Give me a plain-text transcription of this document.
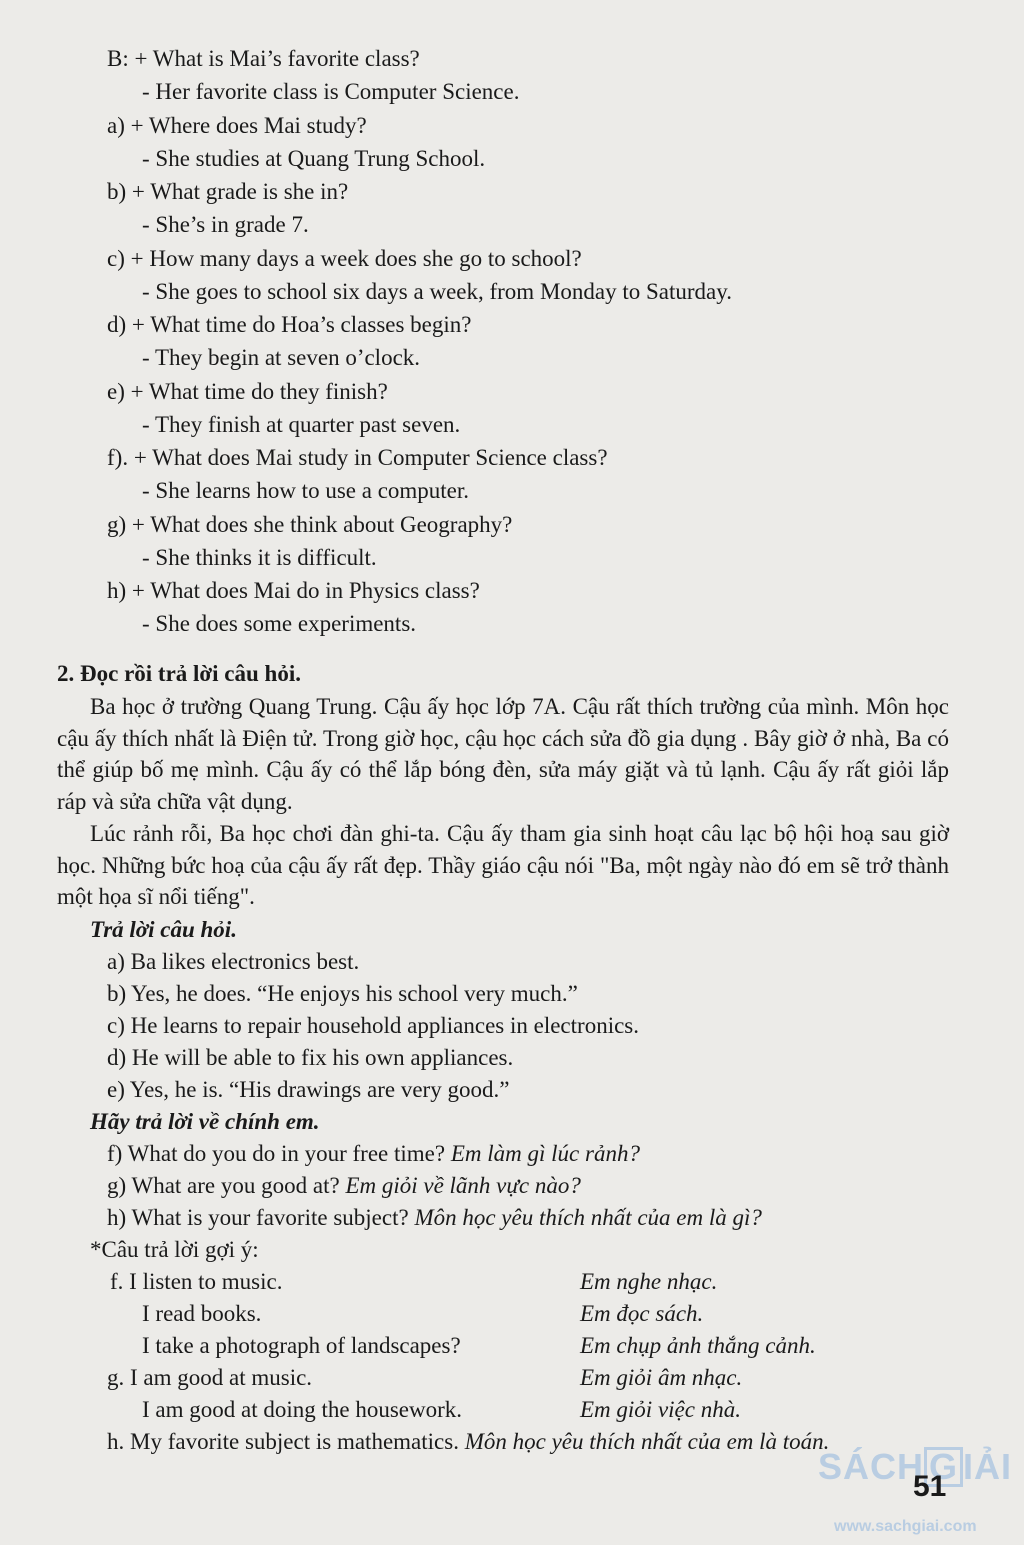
B: + What is Mai’s favorite class?
- Her favorite class is Computer Science.
a) + Where does Mai study?
- She studies at Quang Trung School.
b) + What grade is she in?
- She’s in grade 7.
c) + How many days a week does she go to school?
- She goes to school six days a week, from Monday to Saturday.
d) + What time do Hoa’s classes begin?
- They begin at seven o’clock.
e) + What time do they finish?
- They finish at quarter past seven.
f). + What does Mai study in Computer Science class?
- She learns how to use a computer.
g) + What does she think about Geography?
- She thinks it is difficult.
h) + What does Mai do in Physics class?
- She does some experiments.
2. Đọc rồi trả lời câu hỏi.
Ba học ở trường Quang Trung. Cậu ấy học lớp 7A. Cậu rất thích trường của mình. Môn học cậu ấy thích nhất là Điện tử. Trong giờ học, cậu học cách sửa đồ gia dụng . Bây giờ ở nhà, Ba có thể giúp bố mẹ mình. Cậu ấy có thể lắp bóng đèn, sửa máy giặt và tủ lạnh. Cậu ấy rất giỏi lắp ráp và sửa chữa vật dụng.
Lúc rảnh rỗi, Ba học chơi đàn ghi-ta. Cậu ấy tham gia sinh hoạt câu lạc bộ hội hoạ sau giờ học. Những bức hoạ của cậu ấy rất đẹp. Thầy giáo cậu nói "Ba, một ngày nào đó em sẽ trở thành một họa sĩ nổi tiếng".
Trả lời câu hỏi.
a) Ba likes electronics best.
b) Yes, he does. “He enjoys his school very much.”
c) He learns to repair household appliances in electronics.
d) He will be able to fix his own appliances.
e) Yes, he is. “His drawings are very good.”
Hãy trả lời về chính em.
f) What do you do in your free time? Em làm gì lúc rảnh?
g) What are you good at? Em giỏi về lãnh vực nào?
h) What is your favorite subject? Môn học yêu thích nhất của em là gì?
*Câu trả lời gợi ý:
f. I listen to music.	Em nghe nhạc.
I read books.	Em đọc sách.
I take a photograph of landscapes?	Em chụp ảnh thắng cảnh.
g. I am good at music.	Em giỏi âm nhạc.
I am good at doing the housework.	Em giỏi việc nhà.
h. My favorite subject is mathematics. Môn học yêu thích nhất của em là toán.
SÁCH G IẢI
51
www.sachgiai.com
